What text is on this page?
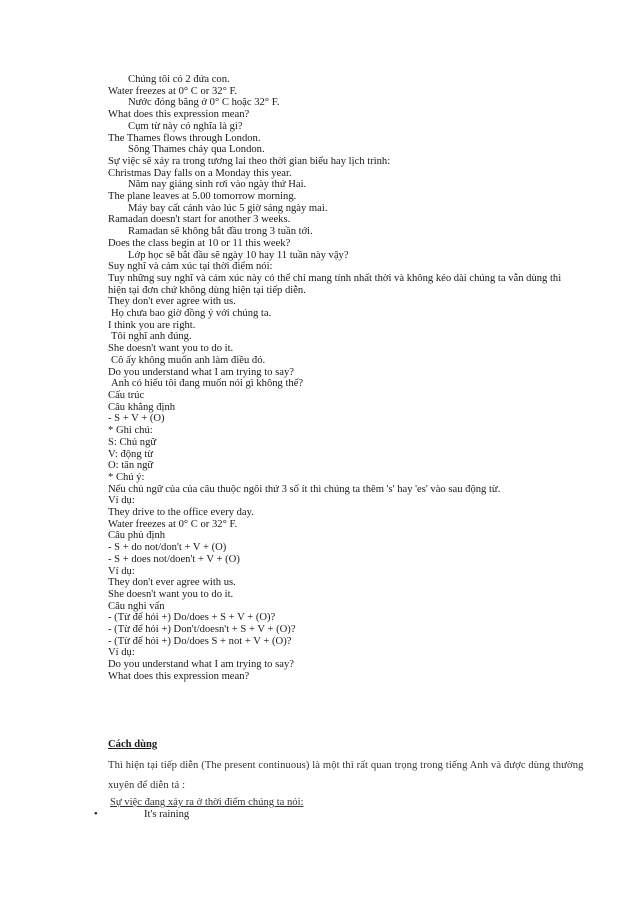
Chúng tôi có 2 đứa con.
Water freezes at 0° C or 32° F.
Nước đóng băng ở 0° C hoặc 32° F.
What does this expression mean?
Cụm từ này có nghĩa là gì?
The Thames flows through London.
Sông Thames chảy qua London.
Sự việc sẽ xảy ra trong tương lai theo thời gian biểu hay lịch trình:
Christmas Day falls on a Monday this year.
Năm nay giáng sinh rơi vào ngày thứ Hai.
The plane leaves at 5.00 tomorrow morning.
Máy bay cất cánh vào lúc 5 giờ sáng ngày mai.
Ramadan doesn't start for another 3 weeks.
Ramadan sẽ không bắt đầu trong 3 tuần tới.
Does the class begin at 10 or 11 this week?
Lớp học sẽ bắt đầu sẽ ngày 10 hay 11 tuần này vậy?
Suy nghĩ và cảm xúc tại thời điểm nói:
Tuy những suy nghĩ và cảm xúc này có thể chỉ mang tính nhất thời và không kéo dài chúng ta vẫn dùng thì
hiện tại đơn chứ không dùng hiện tại tiếp diễn.
They don't ever agree with us.
Họ chưa bao giờ đồng ý với chúng ta.
I think you are right.
Tôi nghĩ anh đúng.
She doesn't want you to do it.
Cô ấy không muốn anh làm điều đó.
Do you understand what I am trying to say?
Anh có hiểu tôi đang muốn nói gì không thế?
Cấu trúc
Câu khẳng định
- S + V + (O)
* Ghi chú:
S: Chủ ngữ
V: động từ
O: tân ngữ
* Chú ý:
Nếu chủ ngữ của của câu thuộc ngôi thứ 3 số ít thì chúng ta thêm 's' hay 'es' vào sau động từ.
Ví dụ:
They drive to the office every day.
Water freezes at 0° C or 32° F.
Câu phủ định
- S + do not/don't + V + (O)
- S + does not/doen't + V + (O)
Ví dụ:
They don't ever agree with us.
She doesn't want you to do it.
Câu nghi vấn
- (Từ để hỏi +) Do/does + S + V + (O)?
- (Từ để hỏi +) Don't/doesn't + S + V + (O)?
- (Từ để hỏi +) Do/does S + not + V + (O)?
Ví dụ:
Do you understand what I am trying to say?
What does this expression mean?
Cách dùng
Thì hiện tại tiếp diễn (The present continuous) là một thì rất quan trọng trong tiếng Anh và được dùng thường xuyên để diễn tả :
Sự việc đang xảy ra ở thời điểm chúng ta nói:
•	It's raining
